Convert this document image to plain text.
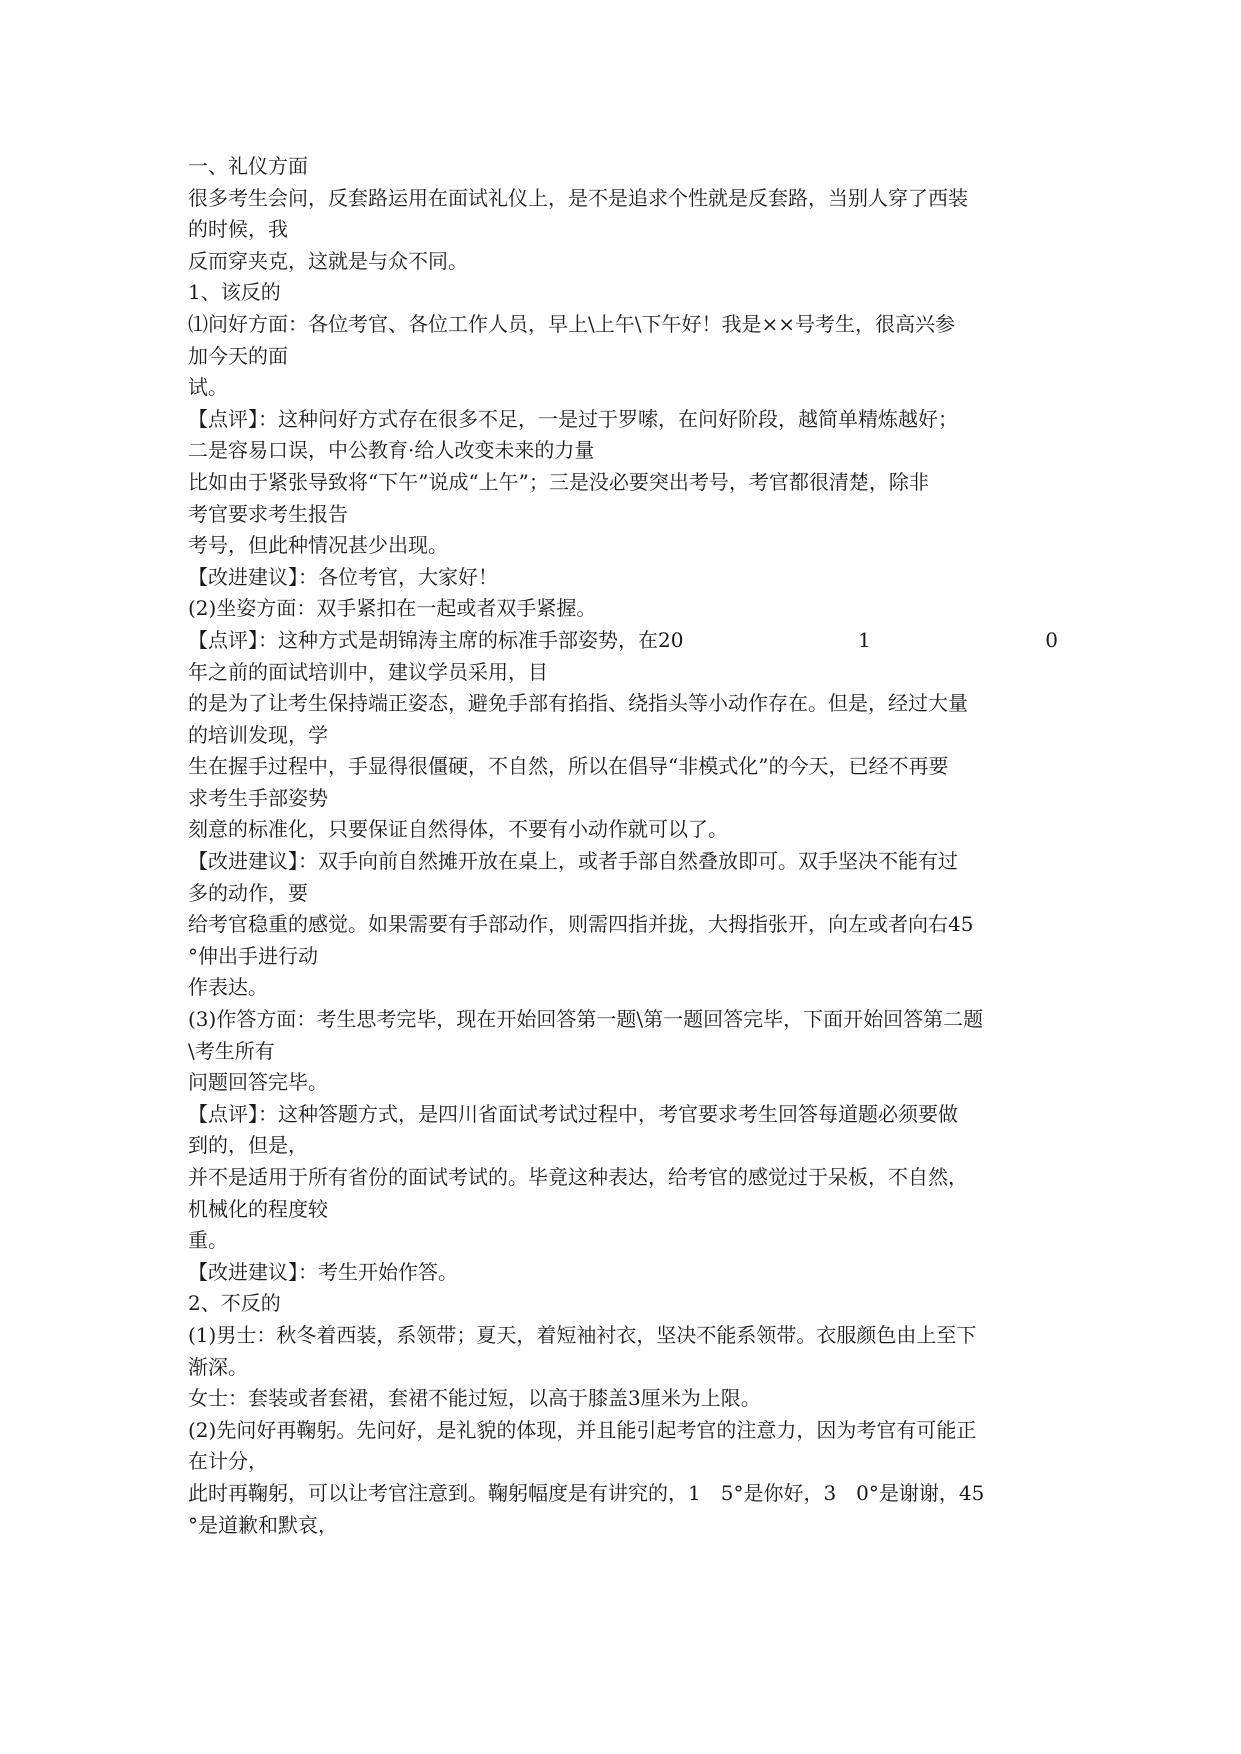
一、礼仪方面
很多考生会问，反套路运用在面试礼仪上，是不是追求个性就是反套路，当别人穿了西装
的时候，我
反而穿夹克，这就是与众不同。
1、该反的
⑴问好方面：各位考官、各位工作人员，早上\上午\下午好！我是××号考生，很高兴参
加今天的面
试。
【点评】：这种问好方式存在很多不足，一是过于罗嗦，在问好阶段，越简单精炼越好；
二是容易口误，中公教育·给人改变未来的力量
比如由于紧张导致将“下午”说成“上午”；三是没必要突出考号，考官都很清楚，除非
考官要求考生报告
考号，但此种情况甚少出现。
【改进建议】：各位考官，大家好！
(2)坐姿方面：双手紧扣在一起或者双手紧握。
【点评】：这种方式是胡锦涛主席的标准手部姿势，在20	1	0
年之前的面试培训中，建议学员采用，目
的是为了让考生保持端正姿态，避免手部有掐指、绕指头等小动作存在。但是，经过大量
的培训发现，学
生在握手过程中，手显得很僵硬，不自然，所以在倡导“非模式化”的今天，已经不再要
求考生手部姿势
刻意的标准化，只要保证自然得体，不要有小动作就可以了。
【改进建议】：双手向前自然摊开放在桌上，或者手部自然叠放即可。双手坚决不能有过
多的动作，要
给考官稳重的感觉。如果需要有手部动作，则需四指并拢，大拇指张开，向左或者向右45
°伸出手进行动
作表达。
(3)作答方面：考生思考完毕，现在开始回答第一题\第一题回答完毕，下面开始回答第二题
\考生所有
问题回答完毕。
【点评】：这种答题方式，是四川省面试考试过程中，考官要求考生回答每道题必须要做
到的，但是，
并不是适用于所有省份的面试考试的。毕竟这种表达，给考官的感觉过于呆板，不自然，
机械化的程度较
重。
【改进建议】：考生开始作答。
2、不反的
(1)男士：秋冬着西装，系领带；夏天，着短袖衬衣，坚决不能系领带。衣服颜色由上至下
渐深。
女士：套装或者套裙，套裙不能过短，以高于膝盖3厘米为上限。
(2)先问好再鞠躬。先问好，是礼貌的体现，并且能引起考官的注意力，因为考官有可能正
在计分，
此时再鞠躬，可以让考官注意到。鞠躬幅度是有讲究的，1　5°是你好，3　0°是谢谢，45
°是道歉和默哀，
